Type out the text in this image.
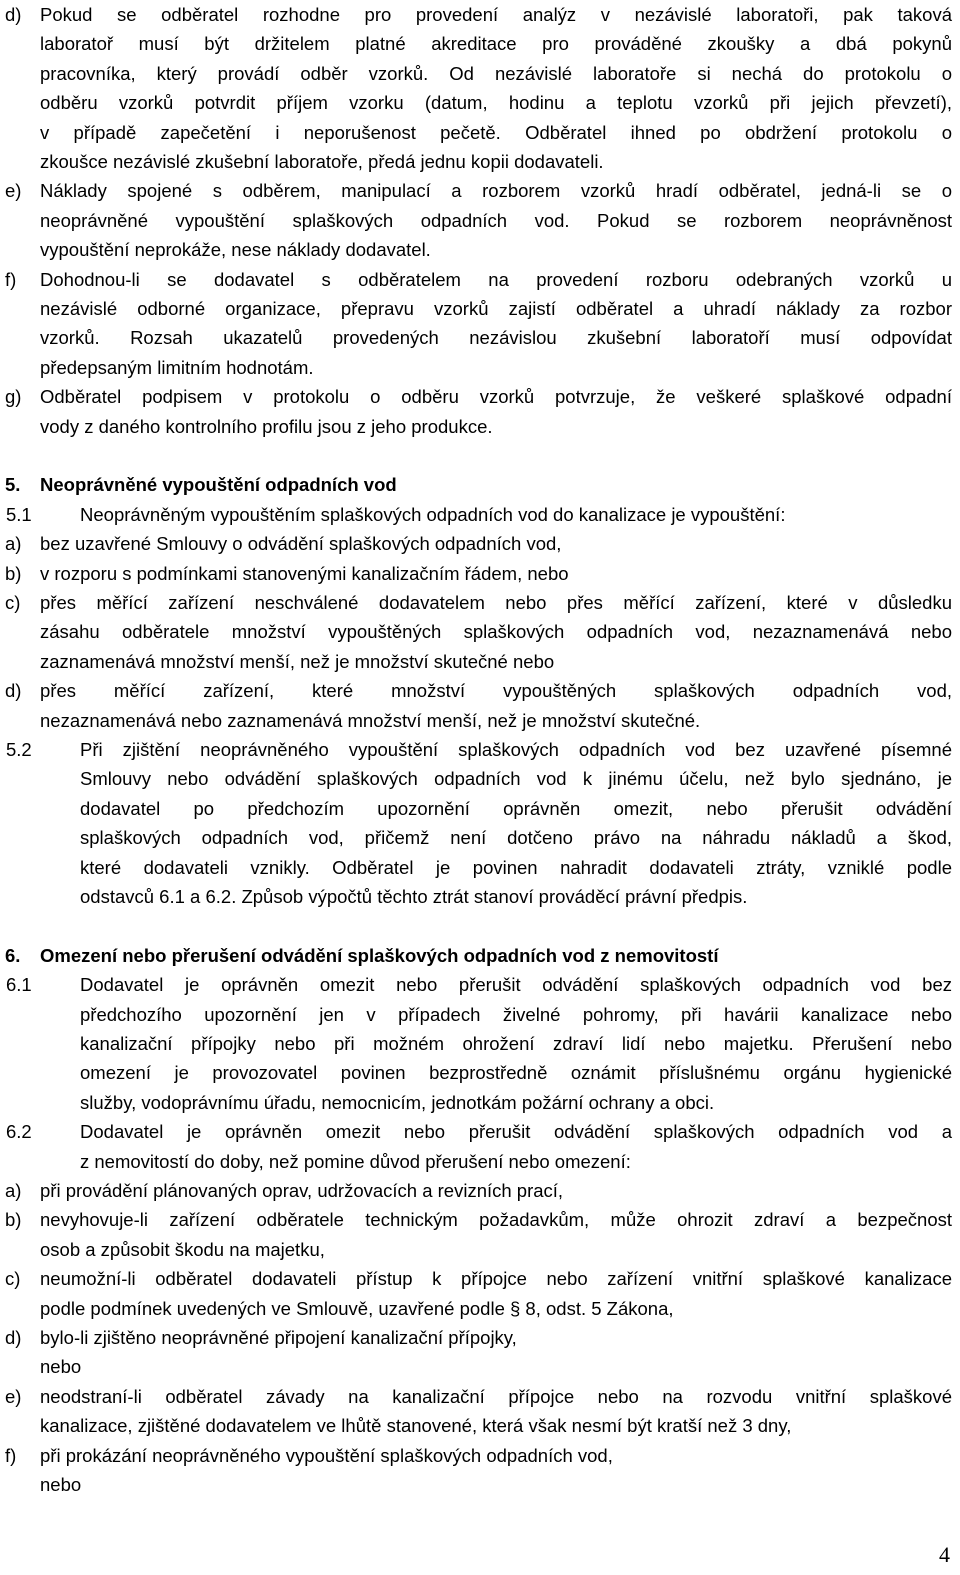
d) Pokud se odběratel rozhodne pro provedení analýz v nezávislé laboratoři, pak taková
laboratoř musí být držitelem platné akreditace pro prováděné zkoušky a dbá pokynů
pracovníka, který provádí odběr vzorků. Od nezávislé laboratoře si nechá do protokolu o
odběru vzorků potvrdit příjem vzorku (datum, hodinu a teplotu vzorků při jejich převzetí),
v případě zapečetění i neporušenost pečetě. Odběratel ihned po obdržení protokolu o
zkoušce nezávislé zkušební laboratoře, předá jednu kopii dodavateli.
e) Náklady spojené s odběrem, manipulací a rozborem vzorků hradí odběratel, jedná-li se o
neoprávněné vypouštění splaškových odpadních vod. Pokud se rozborem neoprávněnost
vypouštění neprokáže, nese náklady dodavatel.
f) Dohodnou-li se dodavatel s odběratelem na provedení rozboru odebraných vzorků u
nezávislé odborné organizace, přepravu vzorků zajistí odběratel a uhradí náklady za rozbor
vzorků. Rozsah ukazatelů provedených nezávislou zkušební laboratoří musí odpovídat
předepsaným limitním hodnotám.
g) Odběratel podpisem v protokolu o odběru vzorků potvrzuje, že veškeré splaškové odpadní
vody z daného kontrolního profilu jsou z jeho produkce.
5. Neoprávněné vypouštění odpadních vod
5.1	Neoprávněným vypouštěním splaškových odpadních vod do kanalizace je vypouštění:
a) bez uzavřené Smlouvy o odvádění splaškových odpadních vod,
b) v rozporu s podmínkami stanovenými kanalizačním řádem, nebo
c) přes měřící zařízení neschválené dodavatelem nebo přes měřící zařízení, které v důsledku
zásahu odběratele množství vypouštěných splaškových odpadních vod, nezaznamenává nebo
zaznamenává množství menší, než je množství skutečné nebo
d) přes měřící zařízení, které množství vypouštěných splaškových odpadních vod,
nezaznamenává nebo zaznamenává množství menší, než je množství skutečné.
5.2	Při zjištění neoprávněného vypouštění splaškových odpadních vod bez uzavřené písemné
Smlouvy nebo odvádění splaškových odpadních vod k jinému účelu, než bylo sjednáno, je
dodavatel po předchozím upozornění oprávněn omezit, nebo přerušit odvádění
splaškových odpadních vod, přičemž není dotčeno právo na náhradu nákladů a škod,
které dodavateli vznikly. Odběratel je povinen nahradit dodavateli ztráty, vzniklé podle
odstavců 6.1 a 6.2. Způsob výpočtů těchto ztrát stanoví prováděcí právní předpis.
6. Omezení nebo přerušení odvádění splaškových odpadních vod z nemovitostí
6.1	Dodavatel je oprávněn omezit nebo přerušit odvádění splaškových odpadních vod bez
předchozího upozornění jen v případech živelné pohromy, při havárii kanalizace nebo
kanalizační přípojky nebo při možném ohrožení zdraví lidí nebo majetku. Přerušení nebo
omezení je provozovatel povinen bezprostředně oznámit příslušnému orgánu hygienické
služby, vodoprávnímu úřadu, nemocnicím, jednotkám požární ochrany a obci.
6.2	Dodavatel je oprávněn omezit nebo přerušit odvádění splaškových odpadních vod a
z nemovitostí do doby, než pomine důvod přerušení nebo omezení:
a) při provádění plánovaných oprav, udržovacích a revizních prací,
b) nevyhovuje-li zařízení odběratele technickým požadavkům, může ohrozit zdraví a bezpečnost
osob a způsobit škodu na majetku,
c) neumožní-li odběratel dodavateli přístup k přípojce nebo zařízení vnitřní splaškové kanalizace
podle podmínek uvedených ve Smlouvě, uzavřené podle § 8, odst. 5 Zákona,
d) bylo-li zjištěno neoprávněné připojení kanalizační přípojky,
nebo
e) neodstraní-li odběratel závady na kanalizační přípojce nebo na rozvodu vnitřní splaškové
kanalizace, zjištěné dodavatelem ve lhůtě stanovené, která však nesmí být kratší než 3 dny,
f) při prokázání neoprávněného vypouštění splaškových odpadních vod,
nebo
4
